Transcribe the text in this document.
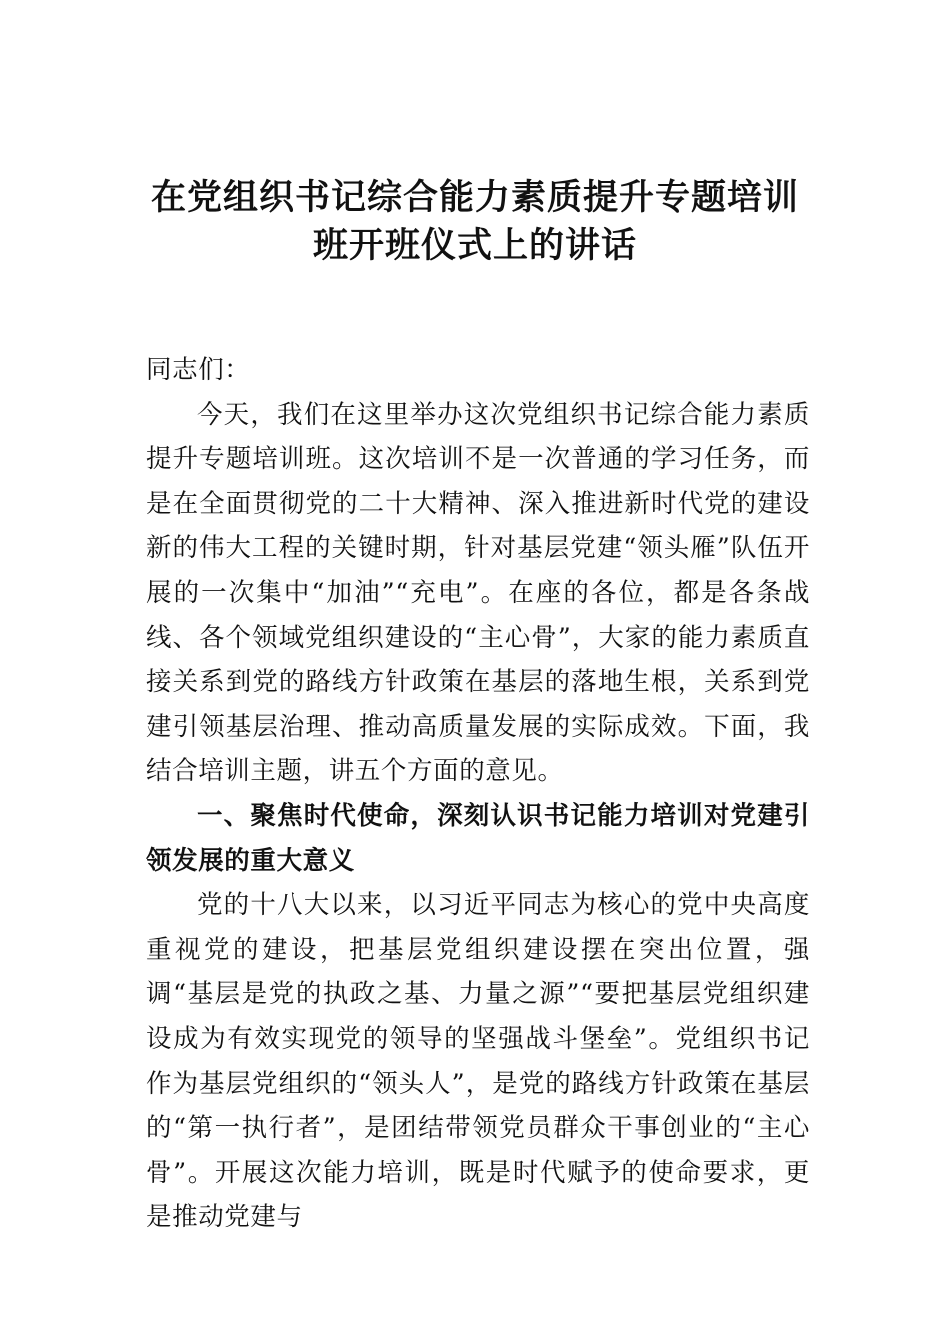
在党组织书记综合能力素质提升专题培训
班开班仪式上的讲话

同志们：

今天，我们在这里举办这次党组织书记综合能力素质提升专题培训班。这次培训不是一次普通的学习任务，而是在全面贯彻党的二十大精神、深入推进新时代党的建设新的伟大工程的关键时期，针对基层党建“领头雁”队伍开展的一次集中“加油”“充电”。在座的各位，都是各条战线、各个领域党组织建设的“主心骨”，大家的能力素质直接关系到党的路线方针政策在基层的落地生根，关系到党建引领基层治理、推动高质量发展的实际成效。下面，我结合培训主题，讲五个方面的意见。

一、聚焦时代使命，深刻认识书记能力培训对党建引领发展的重大意义

党的十八大以来，以习近平同志为核心的党中央高度重视党的建设，把基层党组织建设摆在突出位置，强调“基层是党的执政之基、力量之源”“要把基层党组织建设成为有效实现党的领导的坚强战斗堡垒”。党组织书记作为基层党组织的“领头人”，是党的路线方针政策在基层的“第一执行者”，是团结带领党员群众干事创业的“主心骨”。开展这次能力培训，既是时代赋予的使命要求，更是推动党建与
